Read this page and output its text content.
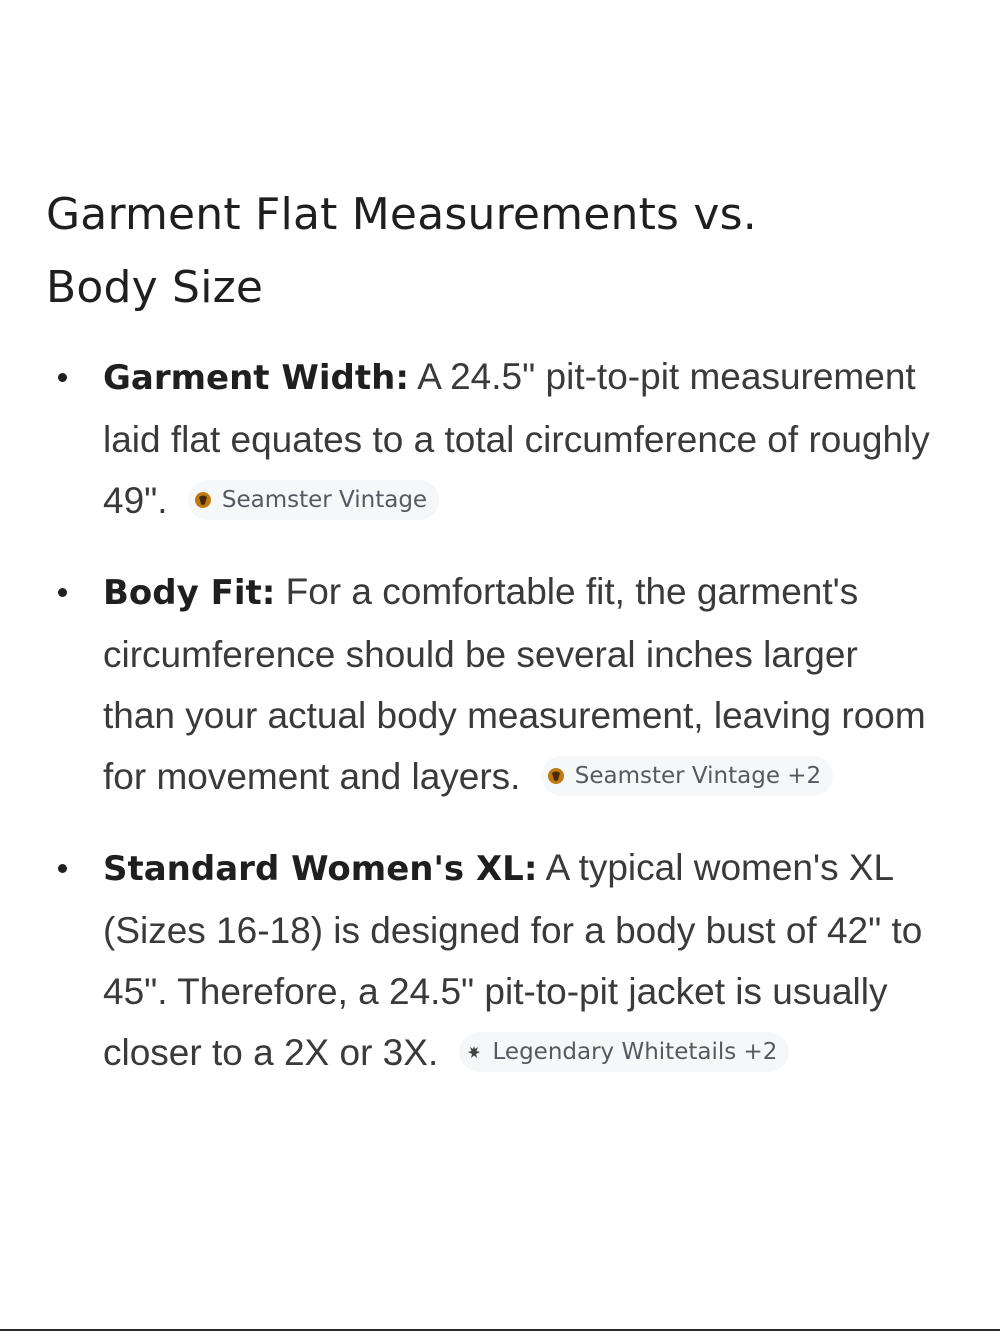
Garment Flat Measurements vs. Body Size
Garment Width: A 24.5" pit-to-pit measurement laid flat equates to a total circumference of roughly 49". Seamster Vintage
Body Fit: For a comfortable fit, the garment's circumference should be several inches larger than your actual body measurement, leaving room for movement and layers. Seamster Vintage +2
Standard Women's XL: A typical women's XL (Sizes 16-18) is designed for a body bust of 42" to 45". Therefore, a 24.5" pit-to-pit jacket is usually closer to a 2X or 3X. Legendary Whitetails +2
